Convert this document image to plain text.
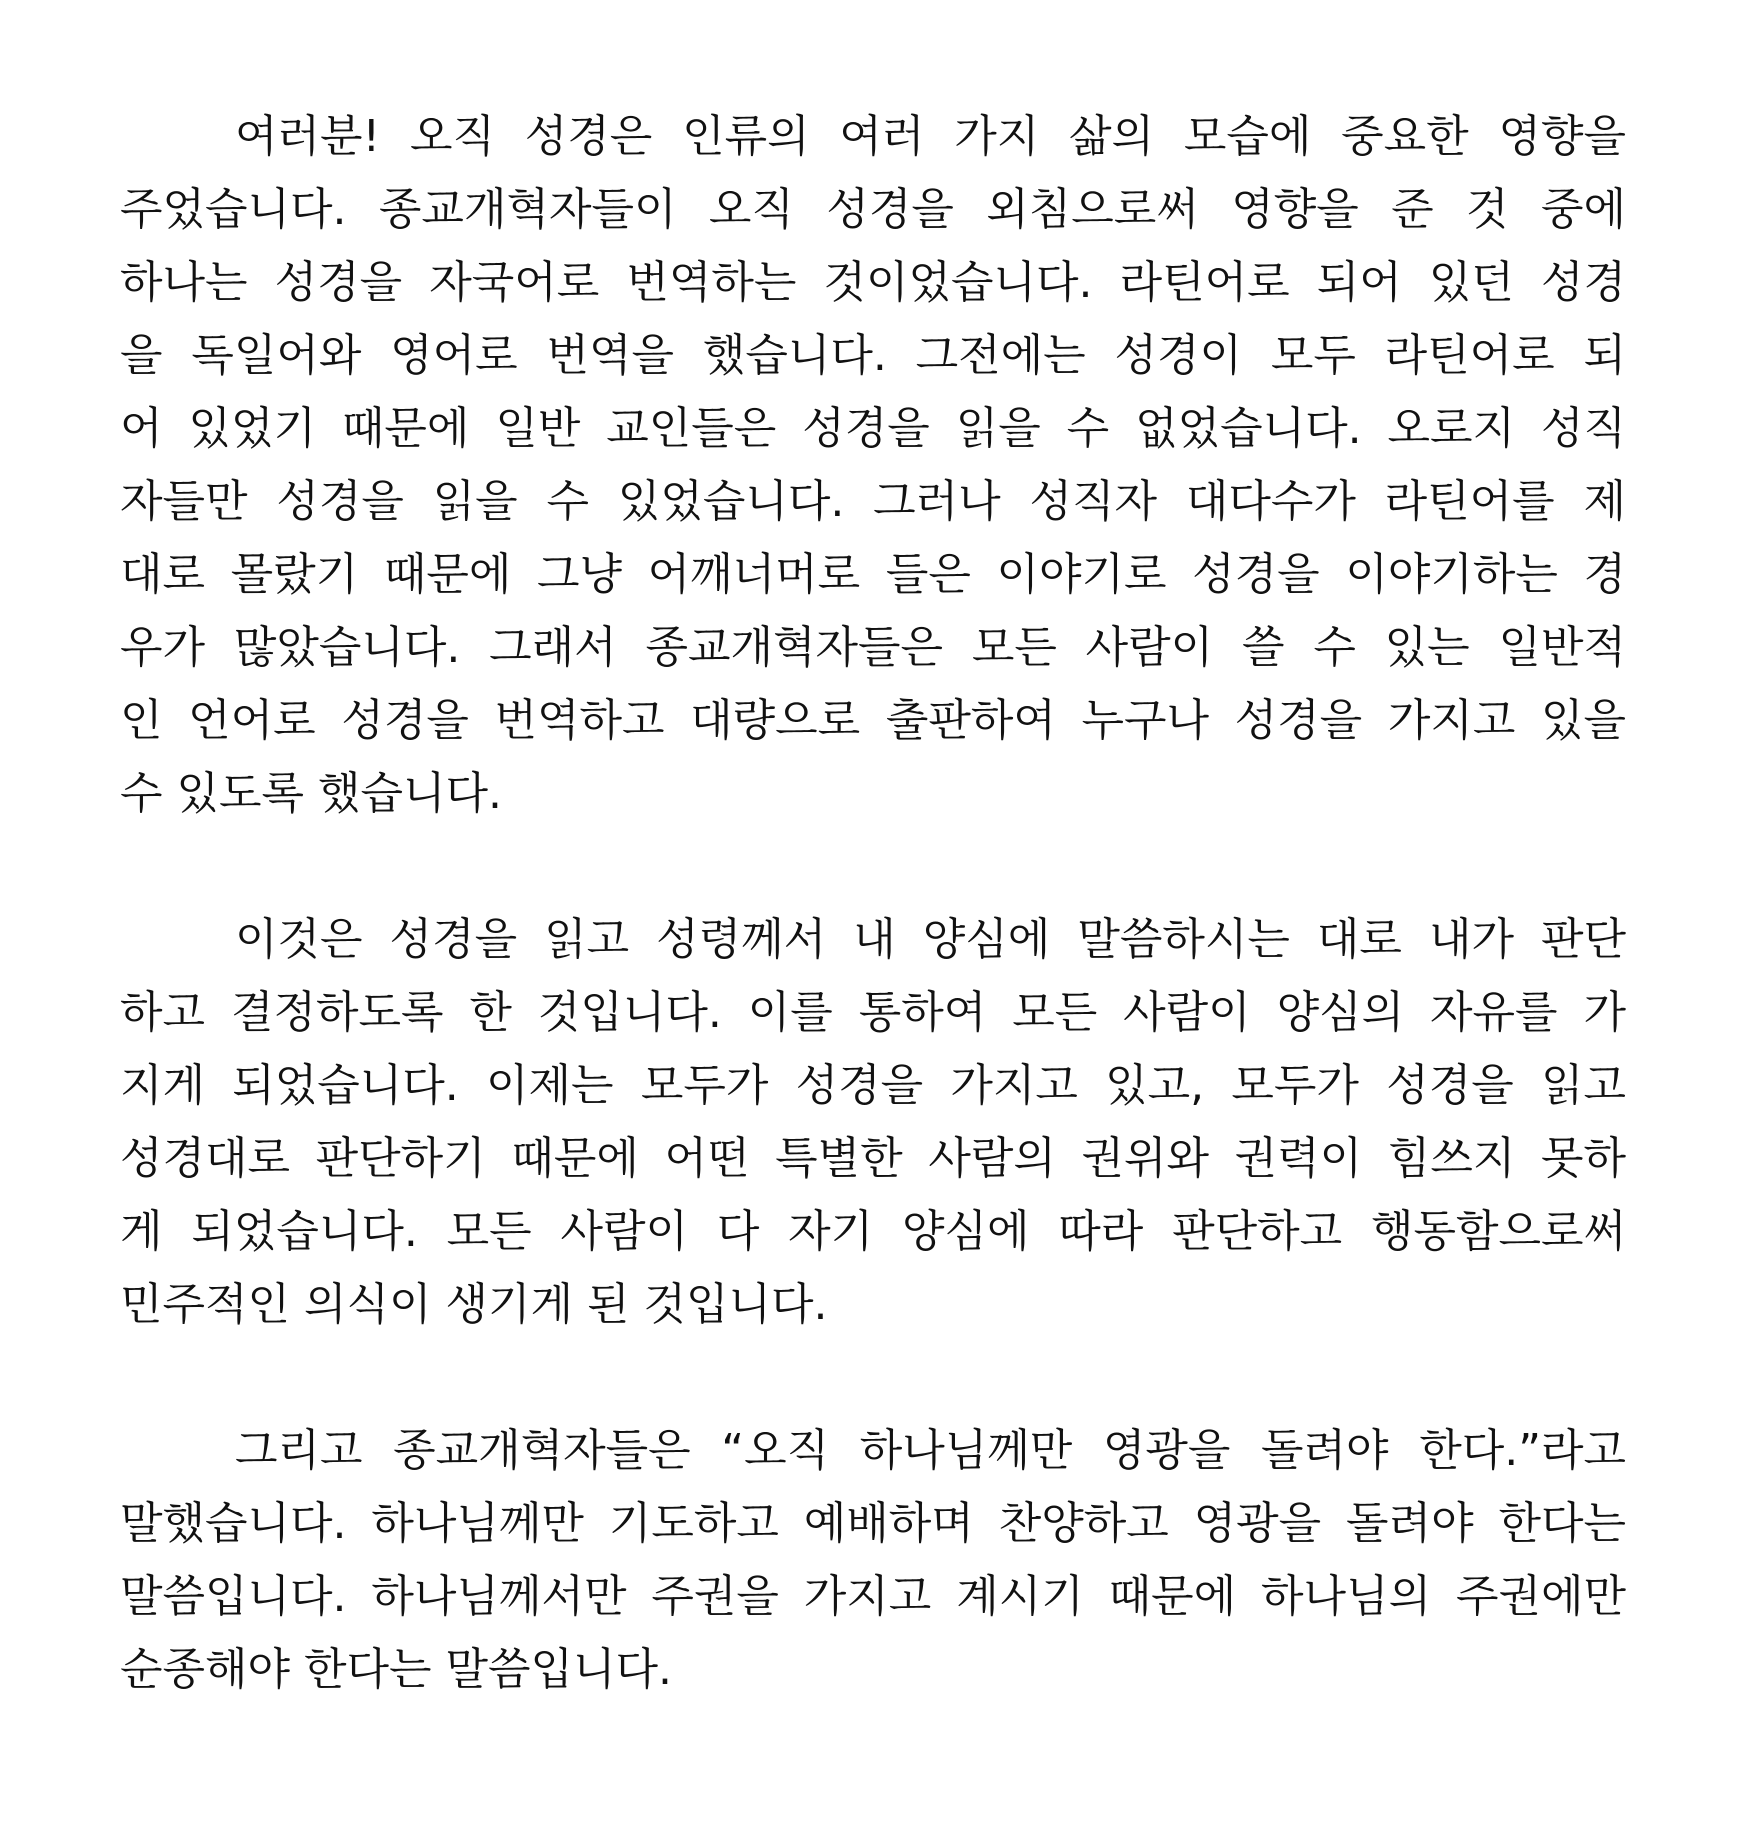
여러분! 오직 성경은 인류의 여러 가지 삶의 모습에 중요한 영향을
주었습니다. 종교개혁자들이 오직 성경을 외침으로써 영향을 준 것 중에
하나는 성경을 자국어로 번역하는 것이었습니다. 라틴어로 되어 있던 성경
을 독일어와 영어로 번역을 했습니다. 그전에는 성경이 모두 라틴어로 되
어 있었기 때문에 일반 교인들은 성경을 읽을 수 없었습니다. 오로지 성직
자들만 성경을 읽을 수 있었습니다. 그러나 성직자 대다수가 라틴어를 제
대로 몰랐기 때문에 그냥 어깨너머로 들은 이야기로 성경을 이야기하는 경
우가 많았습니다. 그래서 종교개혁자들은 모든 사람이 쓸 수 있는 일반적
인 언어로 성경을 번역하고 대량으로 출판하여 누구나 성경을 가지고 있을
수 있도록 했습니다.
이것은 성경을 읽고 성령께서 내 양심에 말씀하시는 대로 내가 판단
하고 결정하도록 한 것입니다. 이를 통하여 모든 사람이 양심의 자유를 가
지게 되었습니다. 이제는 모두가 성경을 가지고 있고, 모두가 성경을 읽고
성경대로 판단하기 때문에 어떤 특별한 사람의 권위와 권력이 힘쓰지 못하
게 되었습니다. 모든 사람이 다 자기 양심에 따라 판단하고 행동함으로써
민주적인 의식이 생기게 된 것입니다.
그리고 종교개혁자들은 “오직 하나님께만 영광을 돌려야 한다.”라고
말했습니다. 하나님께만 기도하고 예배하며 찬양하고 영광을 돌려야 한다는
말씀입니다. 하나님께서만 주권을 가지고 계시기 때문에 하나님의 주권에만
순종해야 한다는 말씀입니다.
